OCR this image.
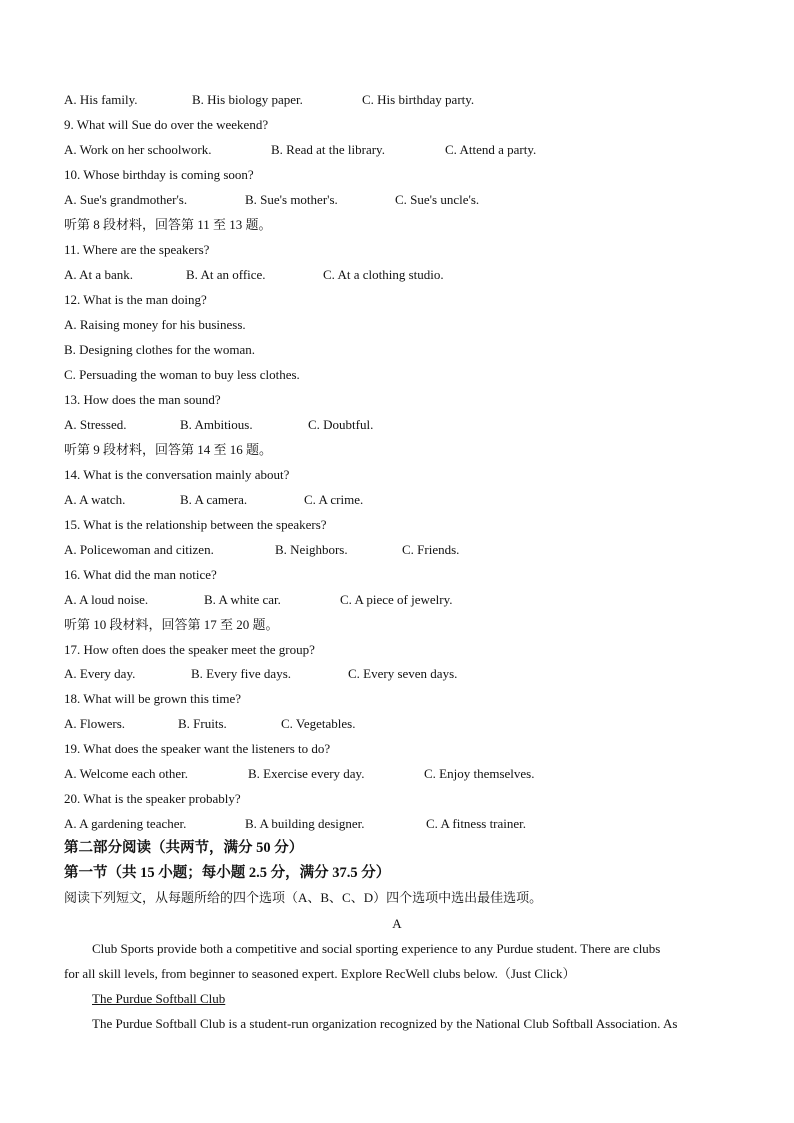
A. His family.	B. His biology paper.	C. His birthday party.
9. What will Sue do over the weekend?
A. Work on her schoolwork.	B. Read at the library.	C. Attend a party.
10. Whose birthday is coming soon?
A. Sue's grandmother's.	B. Sue's mother's.	C. Sue's uncle's.
听第 8 段材料，回答第 11 至 13 题。
11. Where are the speakers?
A. At a bank.	B. At an office.	C. At a clothing studio.
12. What is the man doing?
A. Raising money for his business.
B. Designing clothes for the woman.
C. Persuading the woman to buy less clothes.
13. How does the man sound?
A. Stressed.	B. Ambitious.	C. Doubtful.
听第 9 段材料，回答第 14 至 16 题。
14. What is the conversation mainly about?
A. A watch.	B. A camera.	C. A crime.
15. What is the relationship between the speakers?
A. Policewoman and citizen.	B. Neighbors.	C. Friends.
16. What did the man notice?
A. A loud noise.	B. A white car.	C. A piece of jewelry.
听第 10 段材料，回答第 17 至 20 题。
17. How often does the speaker meet the group?
A. Every day.	B. Every five days.	C. Every seven days.
18. What will be grown this time?
A. Flowers.	B. Fruits.	C. Vegetables.
19. What does the speaker want the listeners to do?
A. Welcome each other.	B. Exercise every day.	C. Enjoy themselves.
20. What is the speaker probably?
A. A gardening teacher.	B. A building designer.	C. A fitness trainer.
第二部分阅读（共两节，满分 50 分）
第一节（共 15 小题；每小题 2.5 分，满分 37.5 分）
阅读下列短文，从每题所给的四个选项（A、B、C、D）四个选项中选出最佳选项。
A
Club Sports provide both a competitive and social sporting experience to any Purdue student. There are clubs
for all skill levels, from beginner to seasoned expert. Explore RecWell clubs below.（Just Click）
The Purdue Softball Club
The Purdue Softball Club is a student-run organization recognized by the National Club Softball Association. As
